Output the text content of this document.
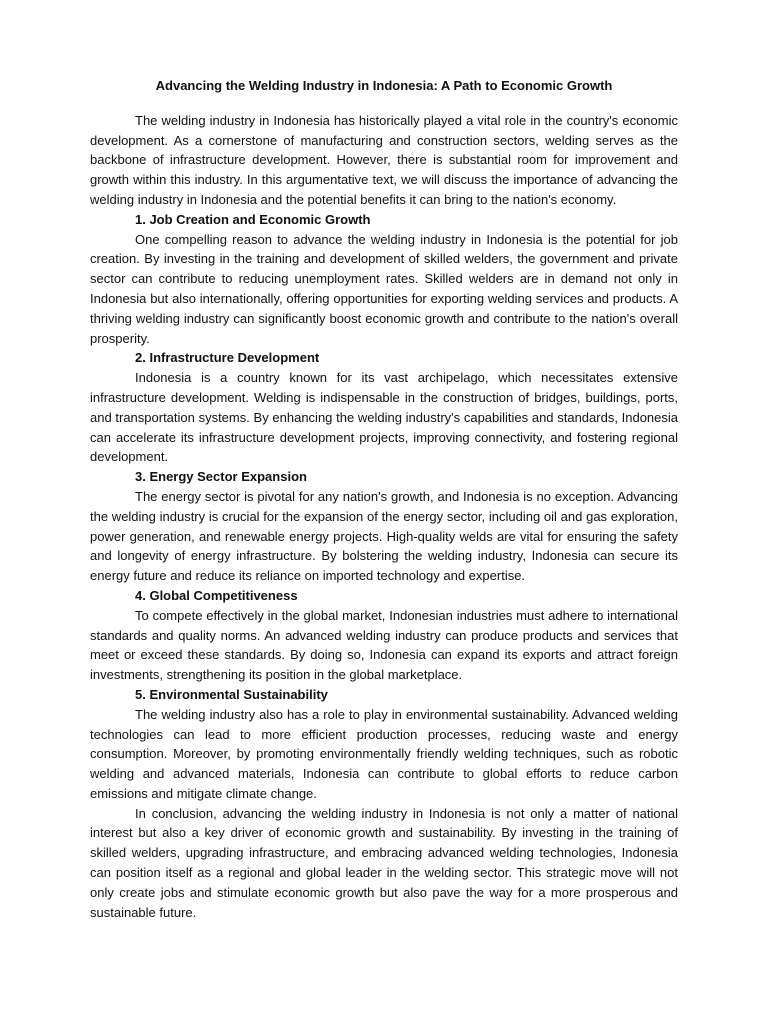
Advancing the Welding Industry in Indonesia: A Path to Economic Growth

The welding industry in Indonesia has historically played a vital role in the country's economic development. As a cornerstone of manufacturing and construction sectors, welding serves as the backbone of infrastructure development. However, there is substantial room for improvement and growth within this industry. In this argumentative text, we will discuss the importance of advancing the welding industry in Indonesia and the potential benefits it can bring to the nation's economy.

1. Job Creation and Economic Growth

One compelling reason to advance the welding industry in Indonesia is the potential for job creation. By investing in the training and development of skilled welders, the government and private sector can contribute to reducing unemployment rates. Skilled welders are in demand not only in Indonesia but also internationally, offering opportunities for exporting welding services and products. A thriving welding industry can significantly boost economic growth and contribute to the nation's overall prosperity.

2. Infrastructure Development

Indonesia is a country known for its vast archipelago, which necessitates extensive infrastructure development. Welding is indispensable in the construction of bridges, buildings, ports, and transportation systems. By enhancing the welding industry's capabilities and standards, Indonesia can accelerate its infrastructure development projects, improving connectivity, and fostering regional development.

3. Energy Sector Expansion

The energy sector is pivotal for any nation's growth, and Indonesia is no exception. Advancing the welding industry is crucial for the expansion of the energy sector, including oil and gas exploration, power generation, and renewable energy projects. High-quality welds are vital for ensuring the safety and longevity of energy infrastructure. By bolstering the welding industry, Indonesia can secure its energy future and reduce its reliance on imported technology and expertise.

4. Global Competitiveness

To compete effectively in the global market, Indonesian industries must adhere to international standards and quality norms. An advanced welding industry can produce products and services that meet or exceed these standards. By doing so, Indonesia can expand its exports and attract foreign investments, strengthening its position in the global marketplace.

5. Environmental Sustainability

The welding industry also has a role to play in environmental sustainability. Advanced welding technologies can lead to more efficient production processes, reducing waste and energy consumption. Moreover, by promoting environmentally friendly welding techniques, such as robotic welding and advanced materials, Indonesia can contribute to global efforts to reduce carbon emissions and mitigate climate change.

In conclusion, advancing the welding industry in Indonesia is not only a matter of national interest but also a key driver of economic growth and sustainability. By investing in the training of skilled welders, upgrading infrastructure, and embracing advanced welding technologies, Indonesia can position itself as a regional and global leader in the welding sector. This strategic move will not only create jobs and stimulate economic growth but also pave the way for a more prosperous and sustainable future.
